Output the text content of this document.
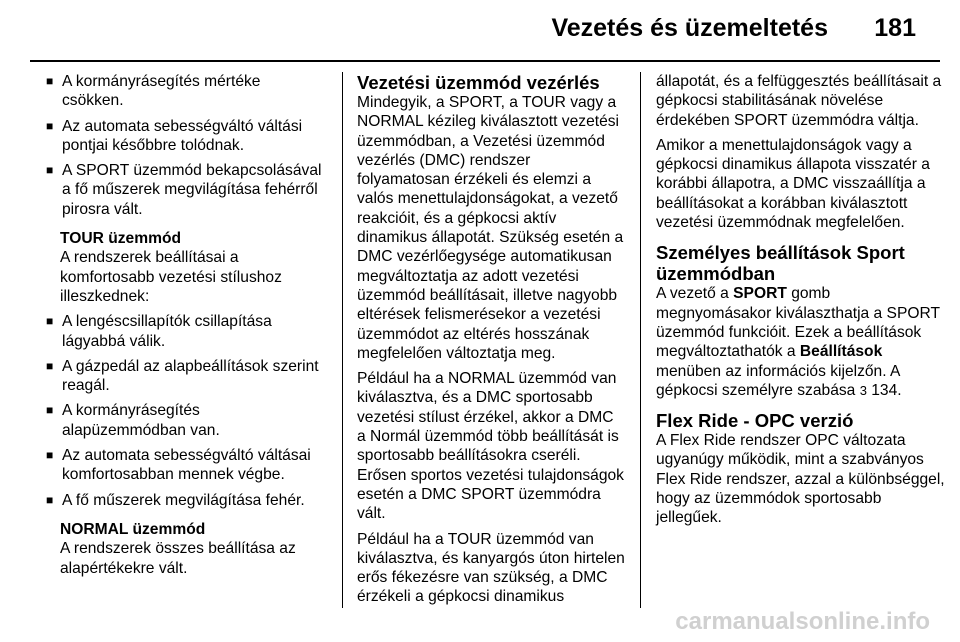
Vezetés és üzemeltetés 181
■ A kormányrásegítés mértéke csökken.
■ Az automata sebességváltó váltási pontjai későbbre tolódnak.
■ A SPORT üzemmód bekapcsolásával a fő műszerek megvilágítása fehérről pirosra vált.
TOUR üzemmód

A rendszerek beállításai a komfortosabb vezetési stílushoz illeszkednek:

■ A lengéscsillapítók csillapítása lágyabbá válik.
■ A gázpedál az alapbeállítások szerint reagál.
■ A kormányrásegítés alapüzemmódban van.
■ Az automata sebességváltó váltásai komfortosabban mennek végbe.
■ A fő műszerek megvilágítása fehér.
NORMAL üzemmód

A rendszerek összes beállítása az alapértékekre vált.

Vezetési üzemmód vezérlés

Mindegyik, a SPORT, a TOUR vagy a NORMAL kézileg kiválasztott vezetési üzemmódban, a Vezetési üzemmód vezérlés (DMC) rendszer folyamatosan érzékeli és elemzi a valós menettulajdonságokat, a vezető reakcióit, és a gépkocsi aktív dinamikus állapotát. Szükség esetén a DMC vezérlőegysége automatikusan megváltoztatja az adott vezetési üzemmód beállításait, illetve nagyobb eltérések felismerésekor a vezetési üzemmódot az eltérés hosszának megfelelően változtatja meg.

Például ha a NORMAL üzemmód van kiválasztva, és a DMC sportosabb vezetési stílust érzékel, akkor a DMC a Normál üzemmód több beállítását is sportosabb beállításokra cseréli. Erősen sportos vezetési tulajdonságok esetén a DMC SPORT üzemmódra vált.

Például ha a TOUR üzemmód van kiválasztva, és kanyargós úton hirtelen erős fékezésre van szükség, a DMC érzékeli a gépkocsi dinamikus

állapotát, és a felfüggesztés beállításait a gépkocsi stabilitásának növelése érdekében SPORT üzemmódra váltja.

Amikor a menettulajdonságok vagy a gépkocsi dinamikus állapota visszatér a korábbi állapotra, a DMC visszaállítja a beállításokat a korábban kiválasztott vezetési üzemmódnak megfelelően.

Személyes beállítások Sport üzemmódban

A vezető a SPORT gomb megnyomásakor kiválaszthatja a SPORT üzemmód funkcióit. Ezek a beállítások megváltoztathatók a Beállítások menüben az információs kijelzőn. A gépkocsi személyre szabása 3 134.

Flex Ride - OPC verzió

A Flex Ride rendszer OPC változata ugyanúgy működik, mint a szabványos Flex Ride rendszer, azzal a különbséggel, hogy az üzemmódok sportosabb jellegűek.

carmanualsonline.info
